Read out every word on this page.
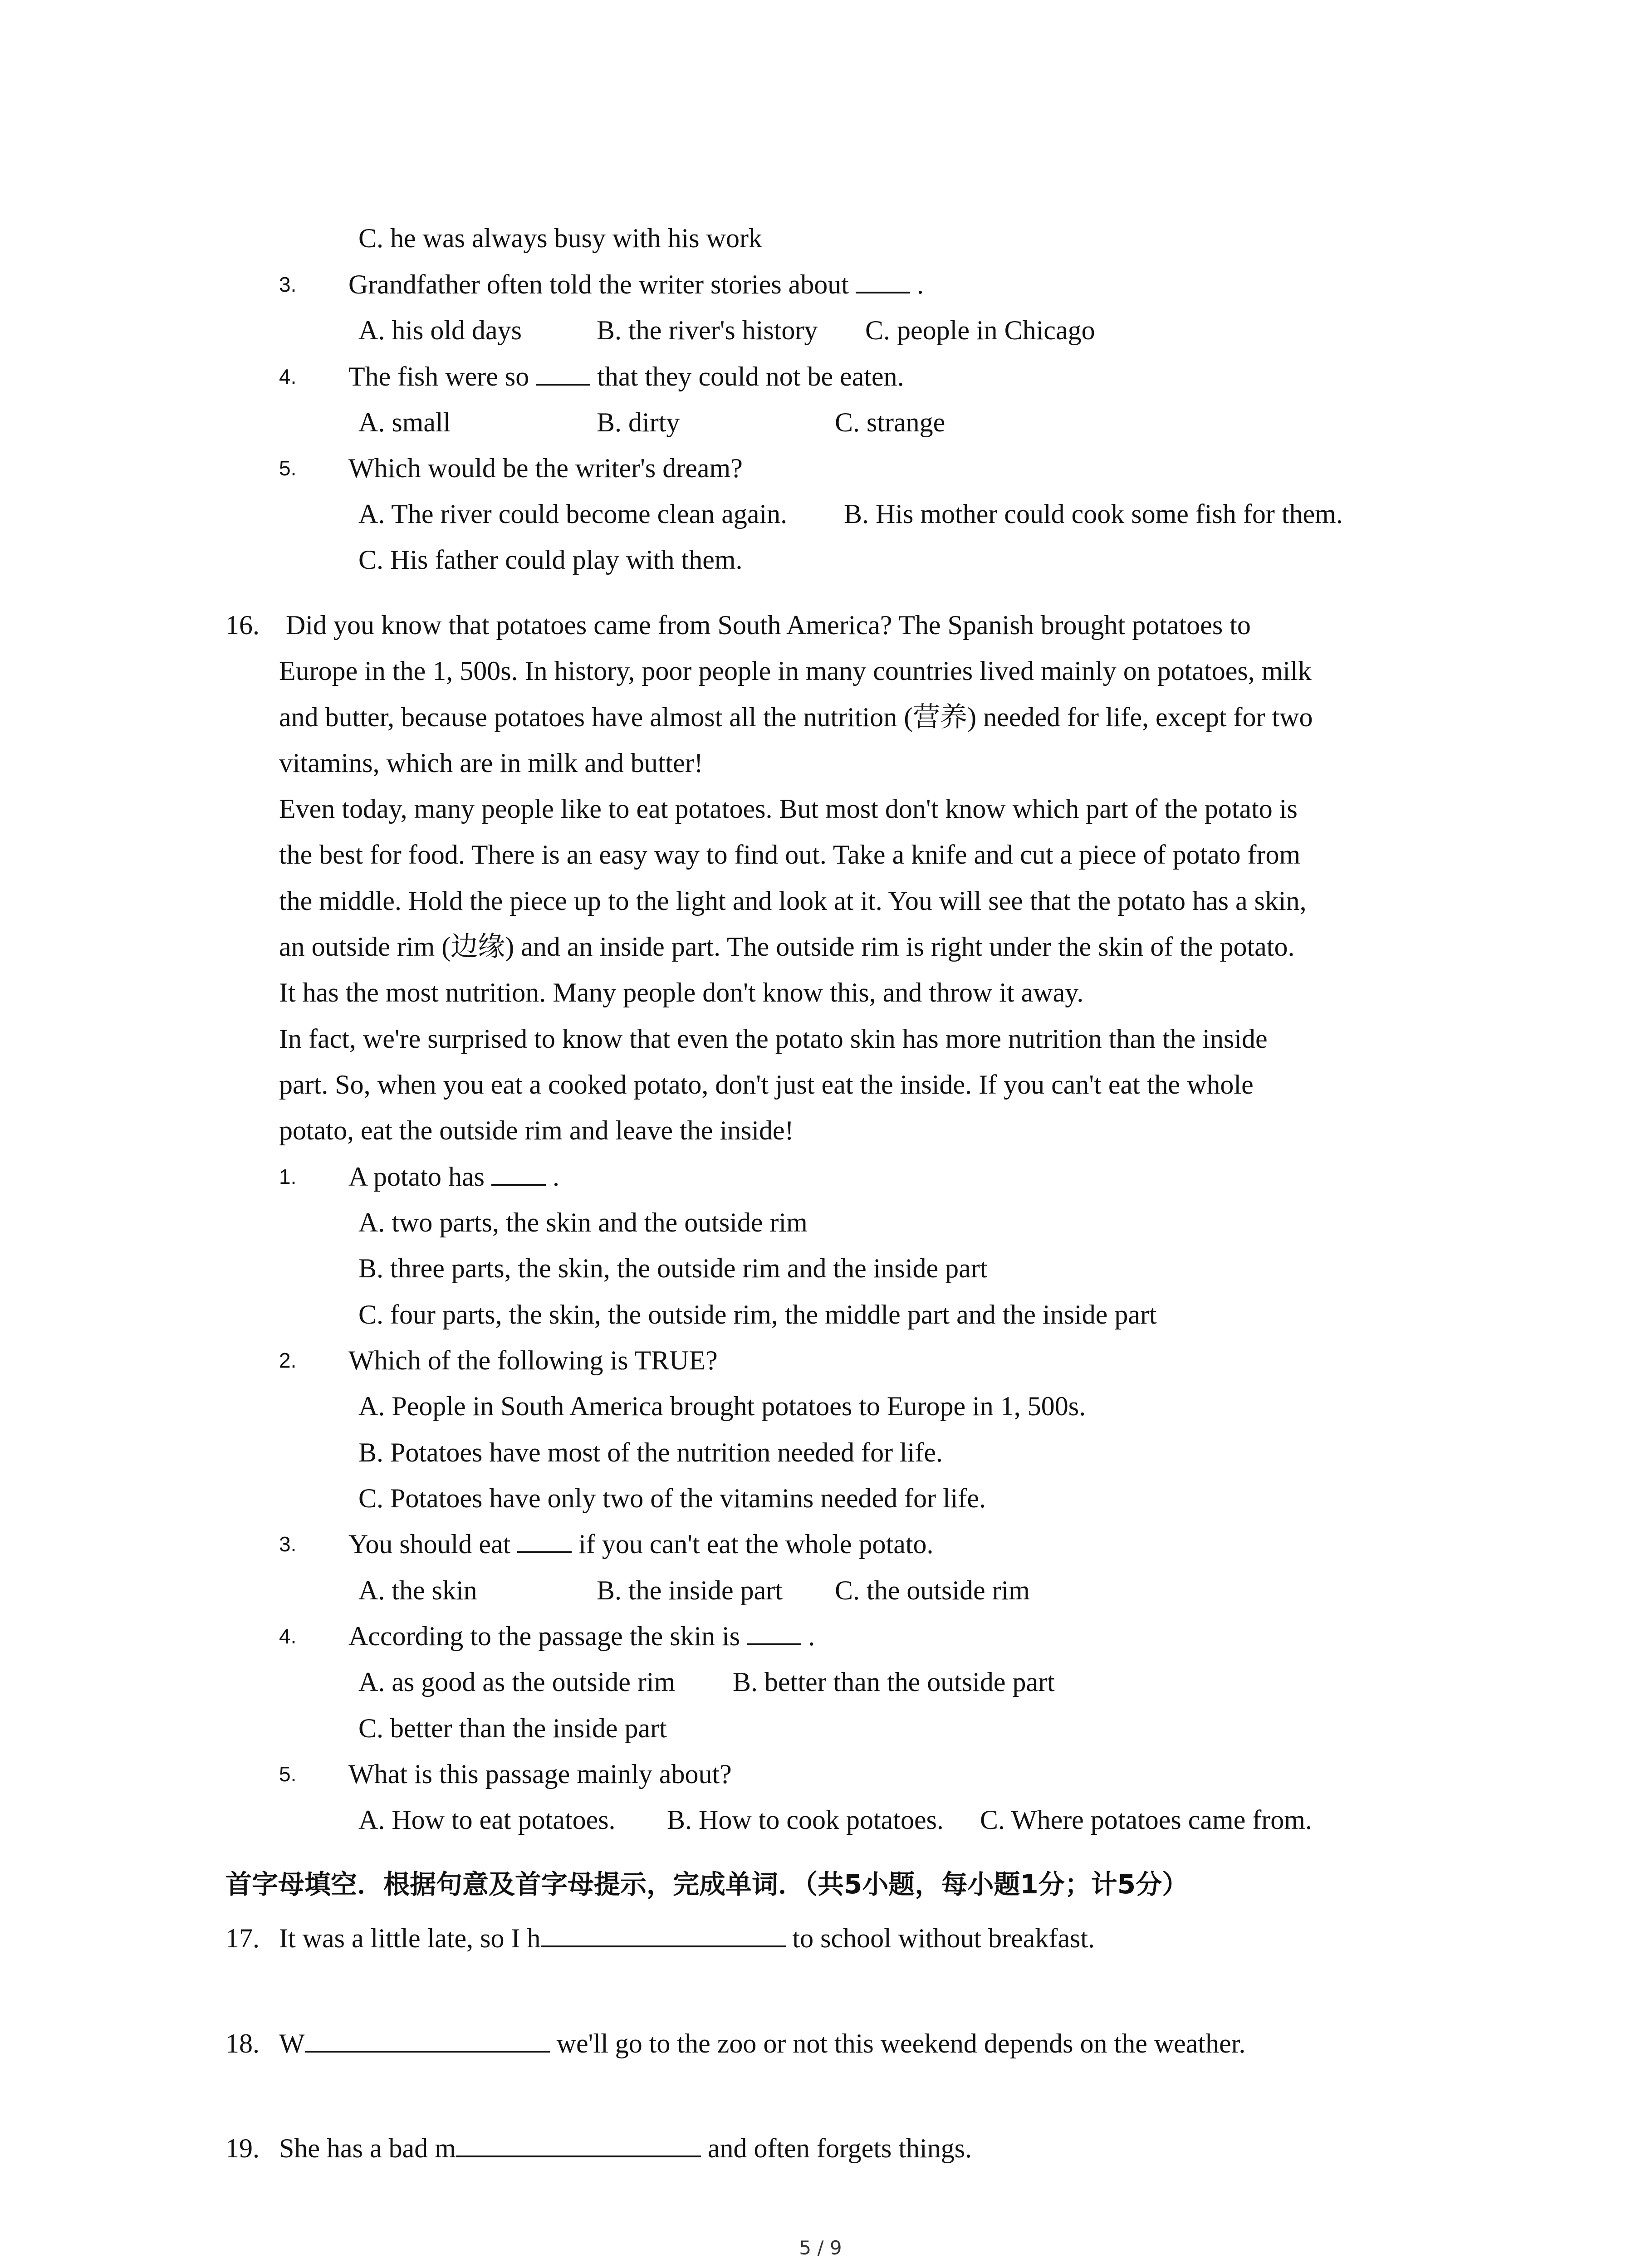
C. he was always busy with his work
3. Grandfather often told the writer stories about  .
A. his old days	B. the river's history C. people in Chicago
4. The fish were so  that they could not be eaten.
A. small	B. dirty	C. strange
5. Which would be the writer's dream?
A. The river could become clean again. B. His mother could cook some fish for them.
C. His father could play with them.
16. Did you know that potatoes came from South America? The Spanish brought potatoes to
Europe in the 1, 500s. In history, poor people in many countries lived mainly on potatoes, milk
and butter, because potatoes have almost all the nutrition (营养) needed for life, except for two
vitamins, which are in milk and butter!
Even today, many people like to eat potatoes. But most don't know which part of the potato is
the best for food. There is an easy way to find out. Take a knife and cut a piece of potato from
the middle. Hold the piece up to the light and look at it. You will see that the potato has a skin,
an outside rim (边缘) and an inside part. The outside rim is right under the skin of the potato.
It has the most nutrition. Many people don't know this, and throw it away.
In fact, we're surprised to know that even the potato skin has more nutrition than the inside
part. So, when you eat a cooked potato, don't just eat the inside. If you can't eat the whole
potato, eat the outside rim and leave the inside!
1. A potato has  .
A. two parts, the skin and the outside rim
B. three parts, the skin, the outside rim and the inside part
C. four parts, the skin, the outside rim, the middle part and the inside part
2. Which of the following is TRUE?
A. People in South America brought potatoes to Europe in 1, 500s.
B. Potatoes have most of the nutrition needed for life.
C. Potatoes have only two of the vitamins needed for life.
3. You should eat  if you can't eat the whole potato.
A. the skin	B. the inside part C. the outside rim
4. According to the passage the skin is  .
A. as good as the outside rim B. better than the outside part
C. better than the inside part
5. What is this passage mainly about?
A. How to eat potatoes. B. How to cook potatoes. C. Where potatoes came from.
首字母填空．根据句意及首字母提示，完成单词．（共5小题，每小题1分；计5分）
17. It was a little late, so I h	to school without breakfast.
18. W	we'll go to the zoo or not this weekend depends on the weather.
19. She has a bad m	and often forgets things.
5 / 9
